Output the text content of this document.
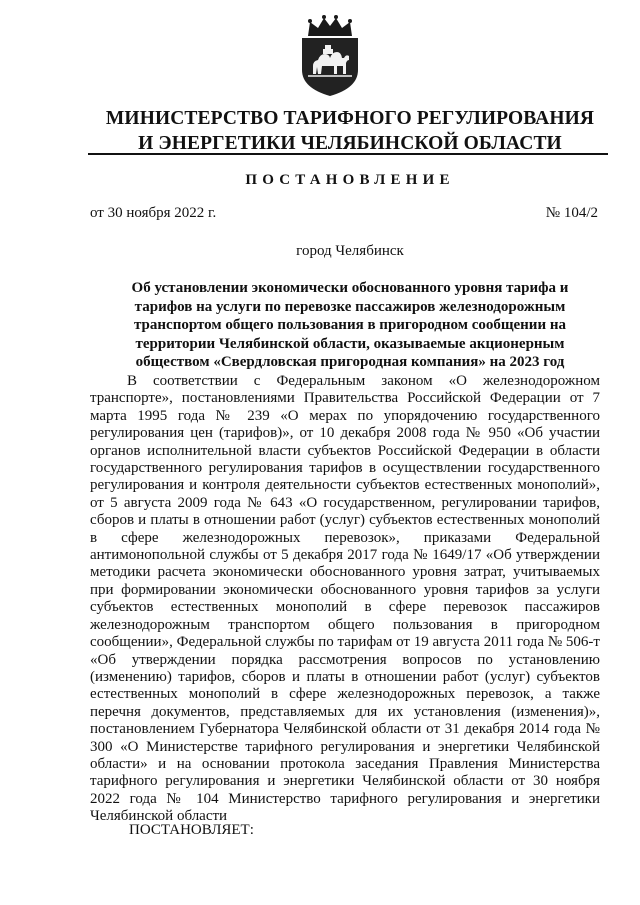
МИНИСТЕРСТВО ТАРИФНОГО РЕГУЛИРОВАНИЯ
И ЭНЕРГЕТИКИ ЧЕЛЯБИНСКОЙ ОБЛАСТИ
ПОСТАНОВЛЕНИЕ
от 30 ноября 2022 г.	№ 104/2
город Челябинск
Об установлении экономически обоснованного уровня тарифа и тарифов на услуги по перевозке пассажиров железнодорожным транспортом общего пользования в пригородном сообщении на территории Челябинской области, оказываемые акционерным обществом «Свердловская пригородная компания» на 2023 год

В соответствии с Федеральным законом «О железнодорожном транспорте», постановлениями Правительства Российской Федерации от 7 марта 1995 года № 239 «О мерах по упорядочению государственного регулирования цен (тарифов)», от 10 декабря 2008 года № 950 «Об участии органов исполнительной власти субъектов Российской Федерации в области государственного регулирования тарифов в осуществлении государственного регулирования и контроля деятельности субъектов естественных монополий», от 5 августа 2009 года № 643 «О государственном, регулировании тарифов, сборов и платы в отношении работ (услуг) субъектов естественных монополий в сфере железнодорожных перевозок», приказами Федеральной антимонопольной службы от 5 декабря 2017 года № 1649/17 «Об утверждении методики расчета экономически обоснованного уровня затрат, учитываемых при формировании экономически обоснованного уровня тарифов за услуги субъектов естественных монополий в сфере перевозок пассажиров железнодорожным транспортом общего пользования в пригородном сообщении», Федеральной службы по тарифам от 19 августа 2011 года № 506-т «Об утверждении порядка рассмотрения вопросов по установлению (изменению) тарифов, сборов и платы в отношении работ (услуг) субъектов естественных монополий в сфере железнодорожных перевозок, а также перечня документов, представляемых для их установления (изменения)», постановлением Губернатора Челябинской области от 31 декабря 2014 года № 300 «О Министерстве тарифного регулирования и энергетики Челябинской области» и на основании протокола заседания Правления Министерства тарифного регулирования и энергетики Челябинской области от 30 ноября 2022 года № 104 Министерство тарифного регулирования и энергетики Челябинской области

ПОСТАНОВЛЯЕТ:
